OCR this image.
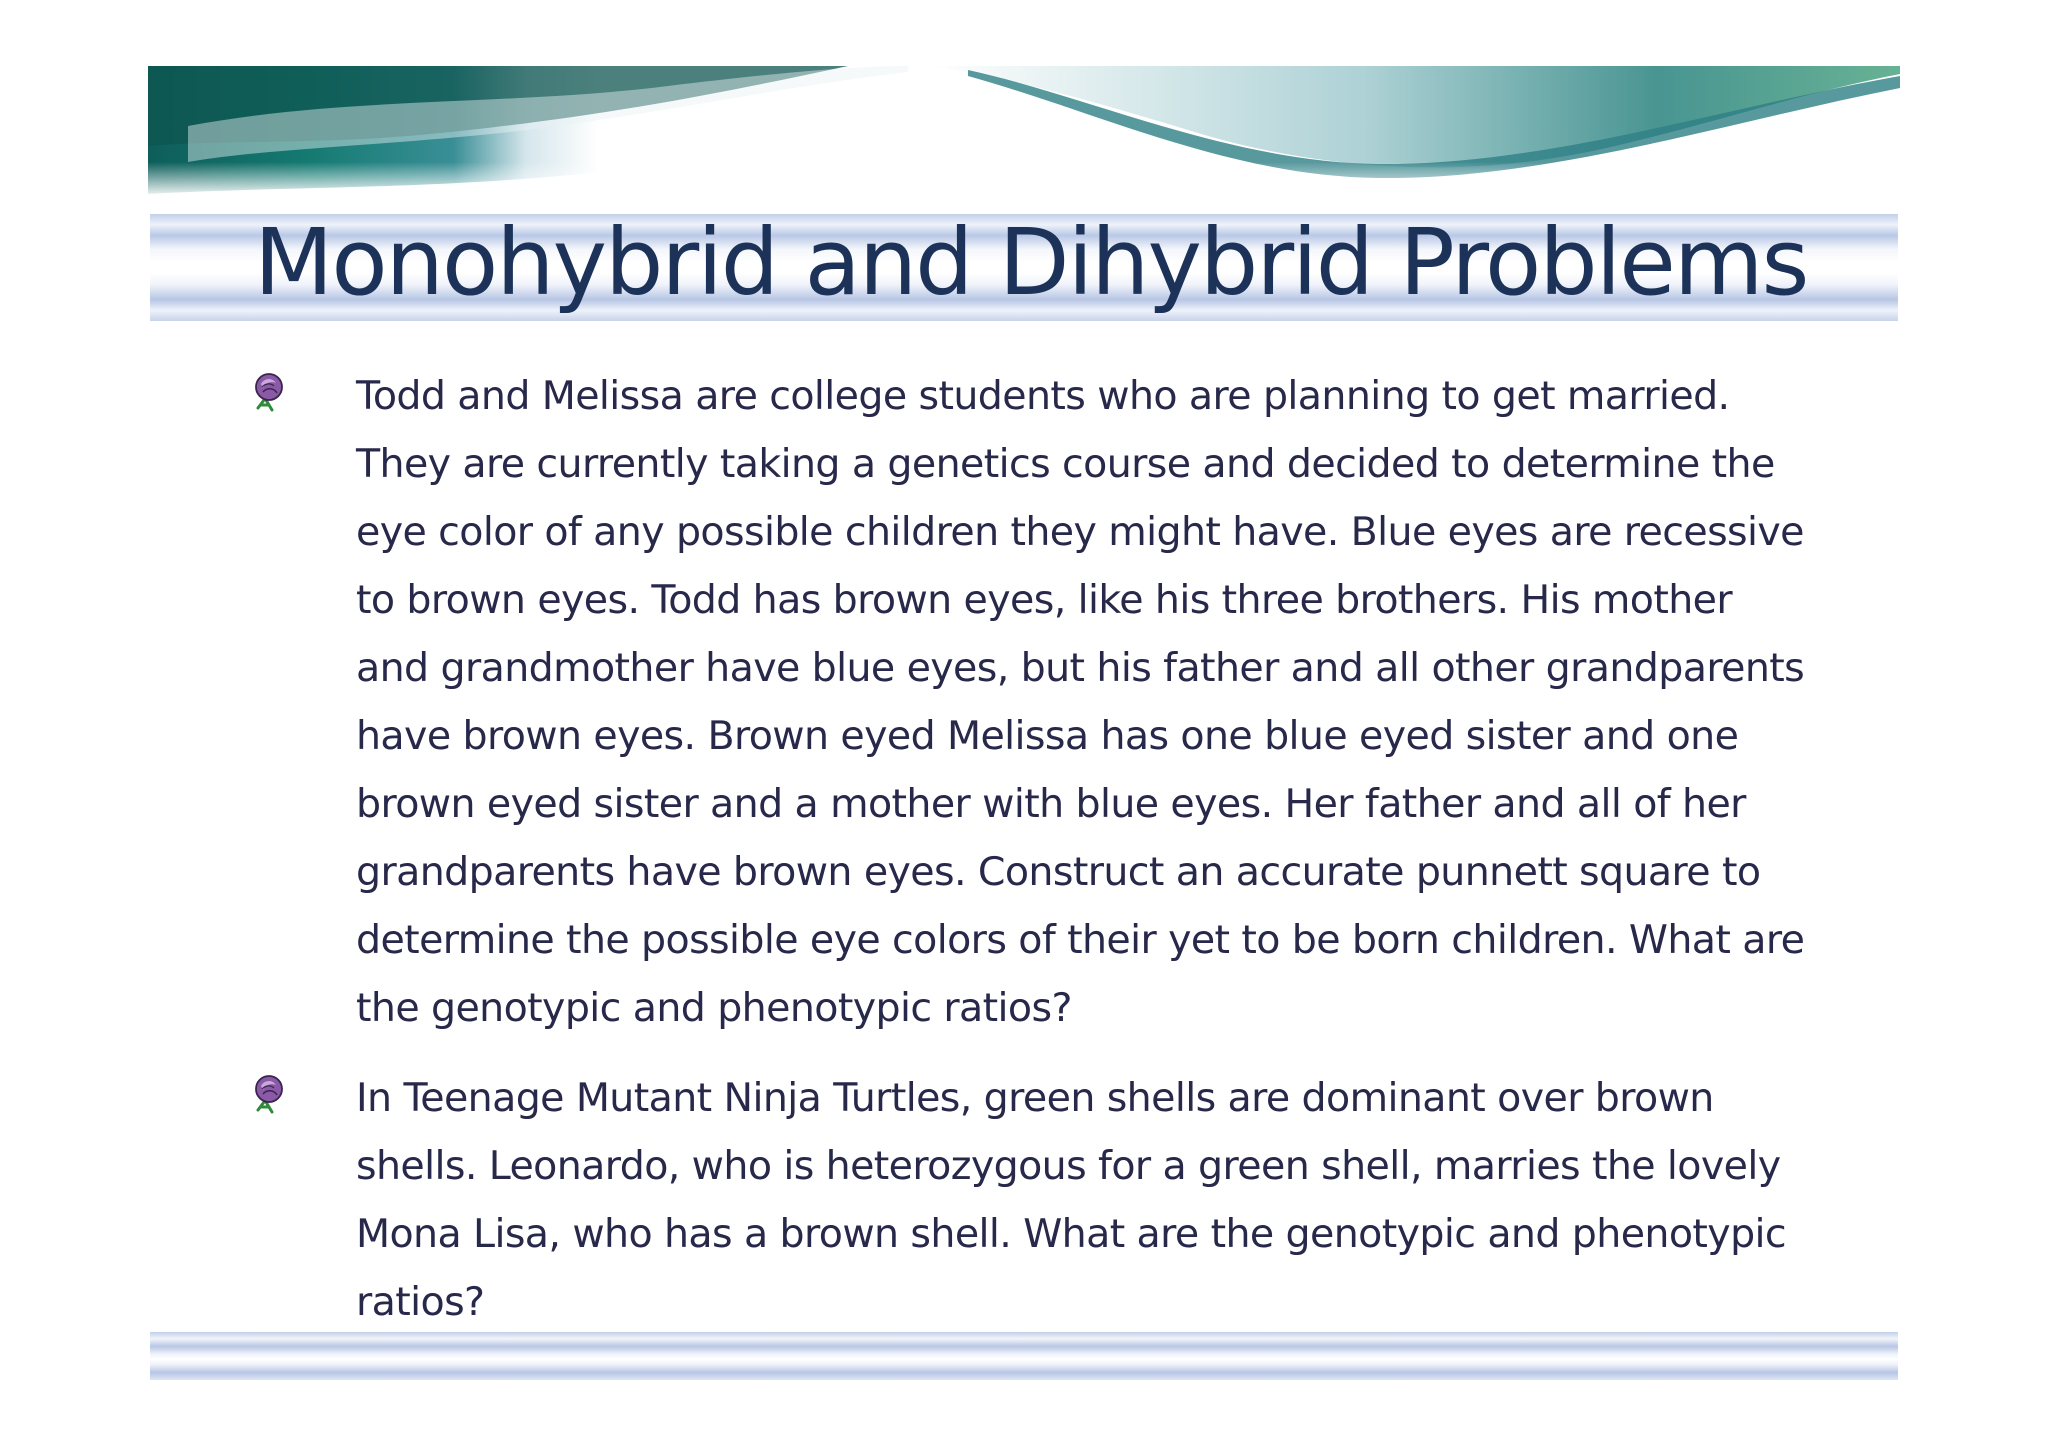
Monohybrid and Dihybrid Problems
Todd and Melissa are college students who are planning to get married. They are currently taking a genetics course and decided to determine the eye color of any possible children they might have. Blue eyes are recessive to brown eyes. Todd has brown eyes, like his three brothers. His mother and grandmother have blue eyes, but his father and all other grandparents have brown eyes. Brown eyed Melissa has one blue eyed sister and one brown eyed sister and a mother with blue eyes. Her father and all of her grandparents have brown eyes. Construct an accurate punnett square to determine the possible eye colors of their yet to be born children. What are the genotypic and phenotypic ratios?
In Teenage Mutant Ninja Turtles, green shells are dominant over brown shells. Leonardo, who is heterozygous for a green shell, marries the lovely Mona Lisa, who has a brown shell. What are the genotypic and phenotypic ratios?
